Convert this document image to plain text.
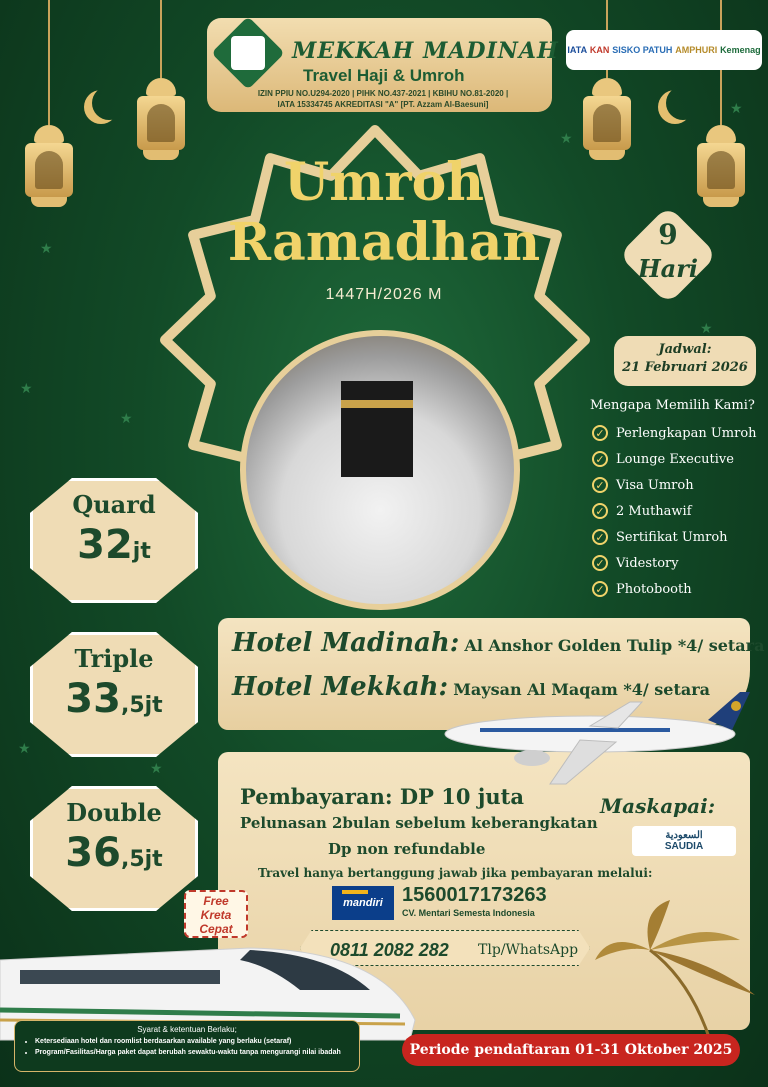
★
★
★
★
★
★
★
★
MEKKAH MADINAH
Travel Haji & Umroh
IZIN PPIU NO.U294-2020 | PIHK NO.437-2021 | KBIHU NO.81-2020 |
IATA 15334745 AKREDITASI "A" [PT. Azzam Al-Baesuni]
IATA KAN SISKO PATUH AMPHURI Kemenag
Umroh
Ramadhan
1447H/2026 M
9
Hari
Jadwal:
21 Februari 2026
Mengapa Memilih Kami?
✓ Perlengkapan Umroh
✓ Lounge Executive
✓ Visa Umroh
✓ 2 Muthawif
✓ Sertifikat Umroh
✓ Videstory
✓ Photobooth
Quard
32jt
Triple
33,5jt
Double
36,5jt
Hotel Madinah: Al Anshor Golden Tulip *4/ setara
Hotel Mekkah: Maysan Al Maqam *4/ setara
Pembayaran: DP 10 juta
Pelunasan 2bulan sebelum keberangkatan
Dp non refundable
Travel hanya bertanggung jawab jika pembayaran melalui:
Maskapai:
السعودية
SAUDIA
mandiri 1560017173263
CV. Mentari Semesta Indonesia
0811 2082 282 Tlp/WhatsApp
Free
Kreta
Cepat
Syarat & ketentuan Berlaku;
• Ketersediaan hotel dan roomlist berdasarkan available yang berlaku (setaraf)
• Program/Fasilitas/Harga paket dapat berubah sewaktu-waktu tanpa mengurangi nilai ibadah	Periode pendaftaran 01-31 Oktober 2025
